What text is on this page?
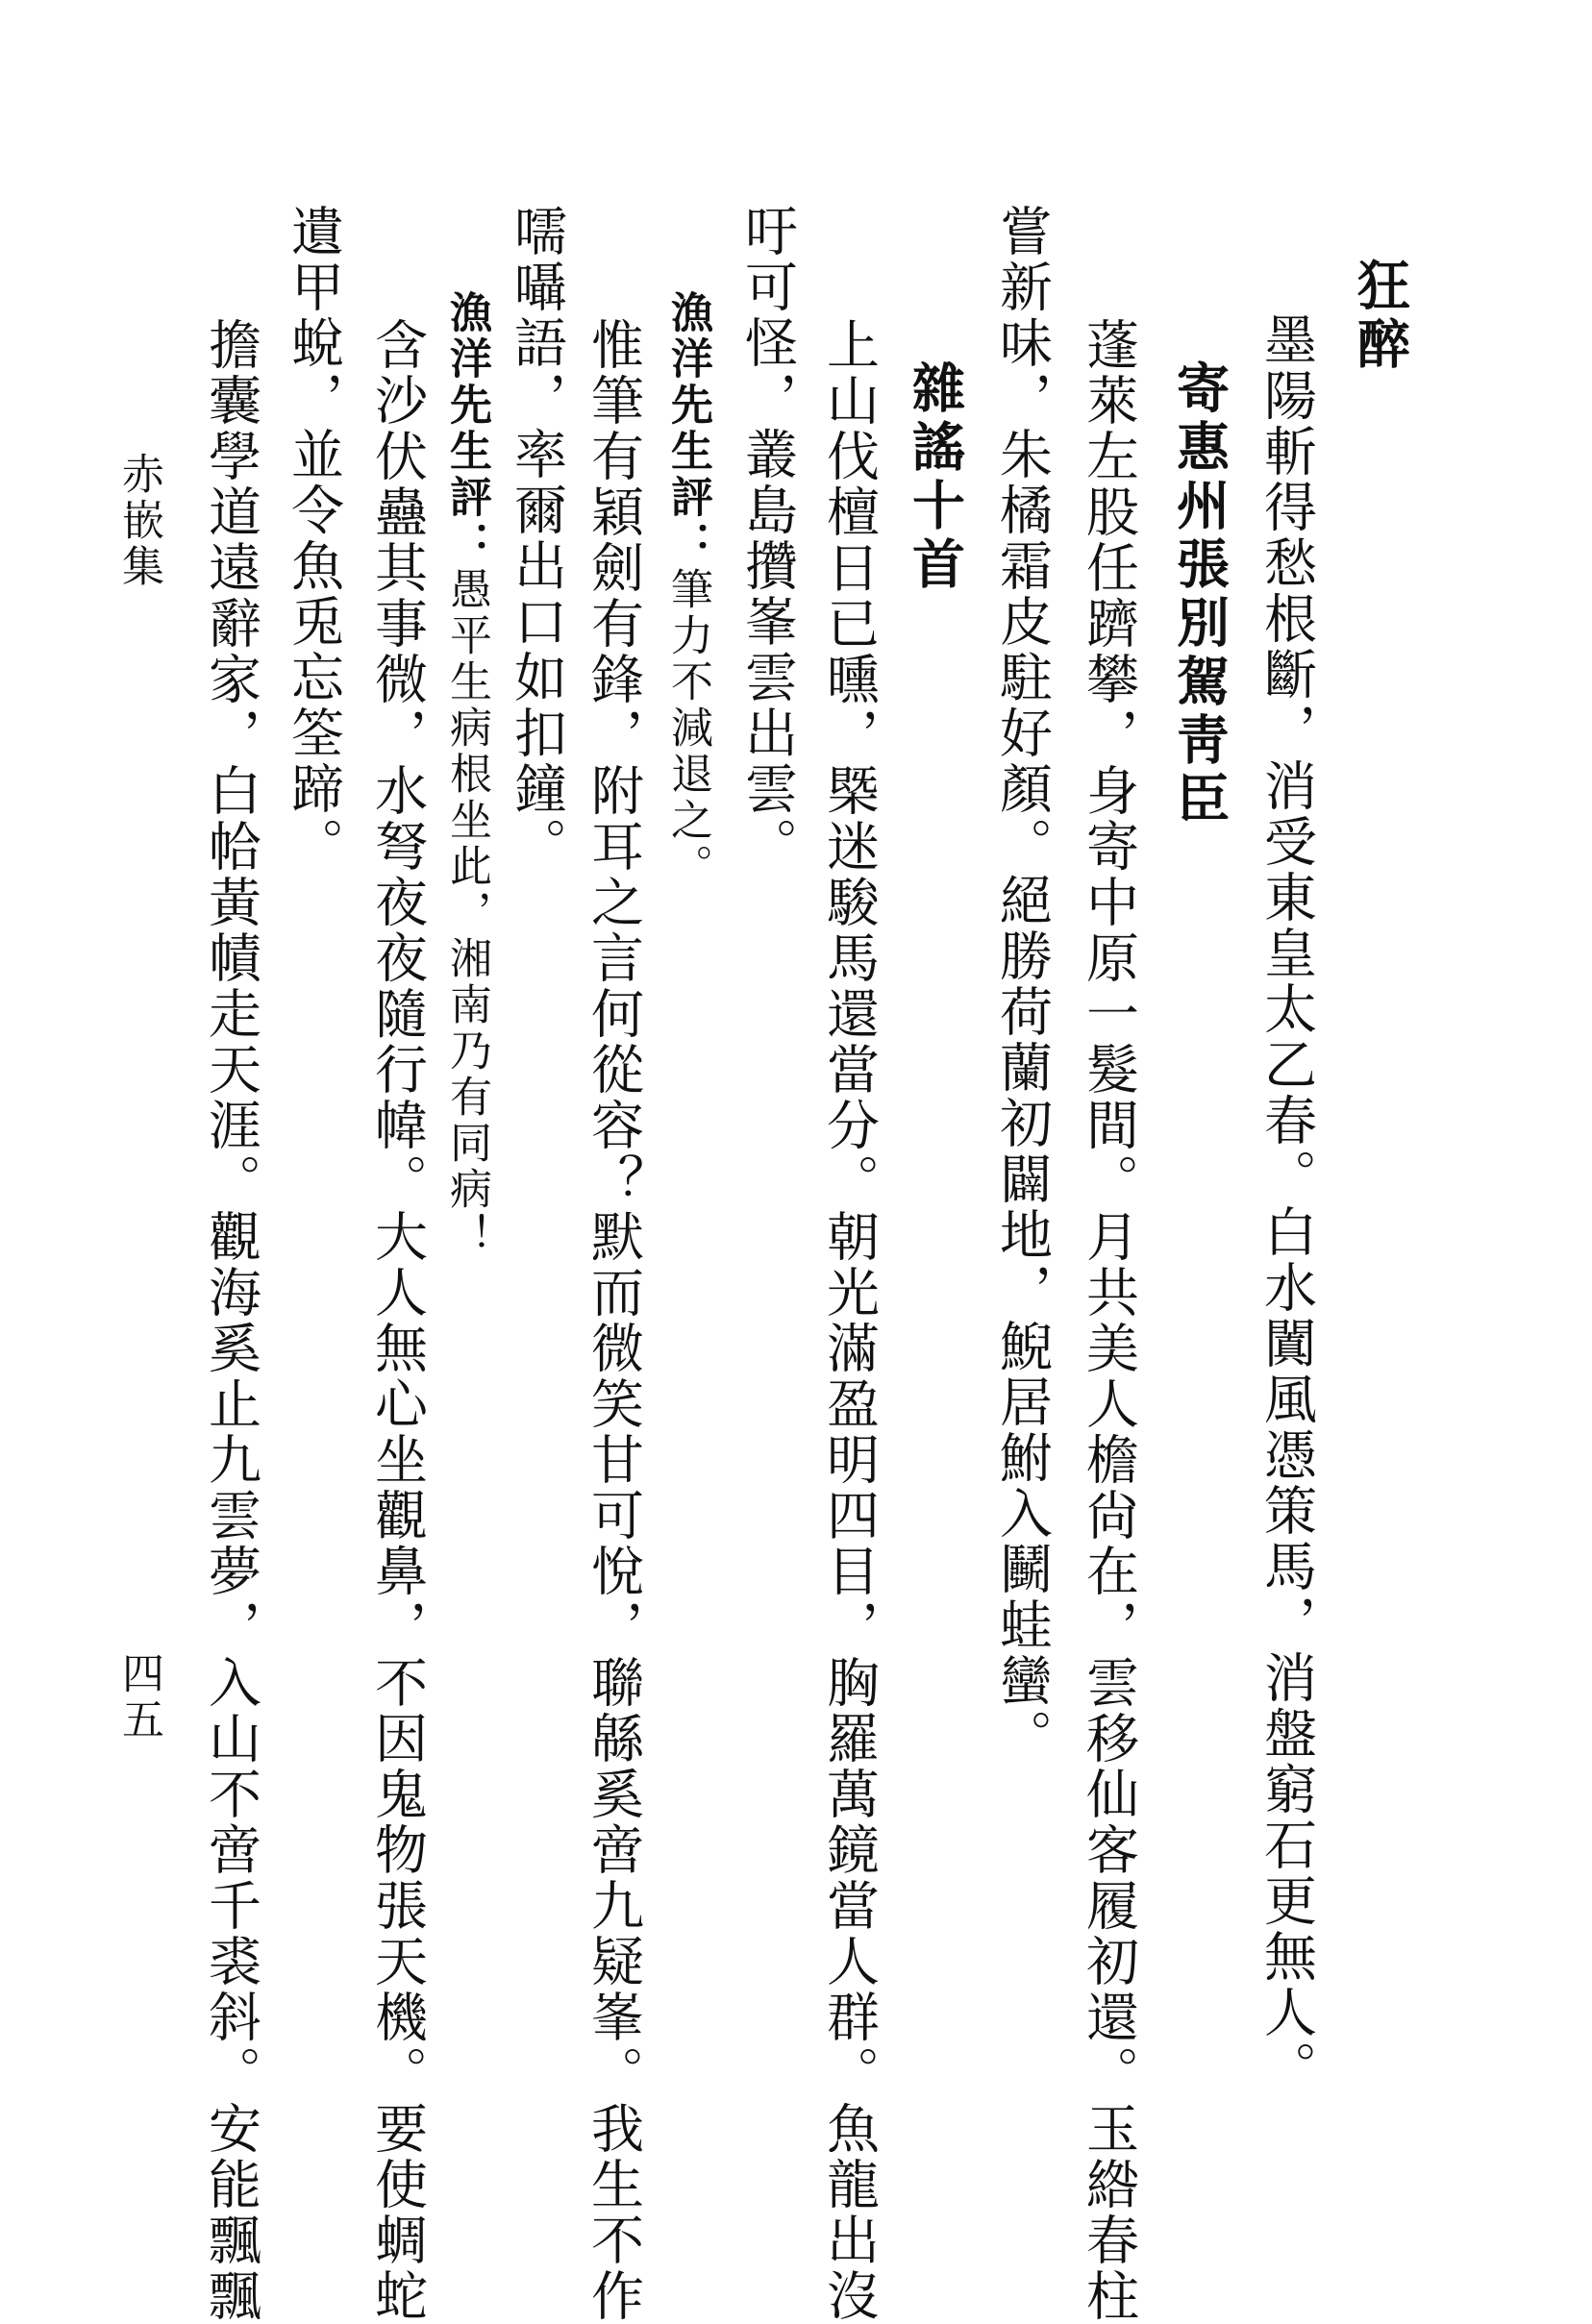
狂醉
墨陽斬得愁根斷，消受東皇太乙春。白水闐風憑策馬，消盤窮石更無人。
寄惠州張別駕靑臣
蓬萊左股任躋攀，身寄中原一髮間。月共美人檐尙在，雲移仙客履初還。玉綹春柱
嘗新味，朱橘霜皮駐好顏。絕勝荷蘭初闢地，鯢居鮒入鬭蛙蠻。
雜謠十首
上山伐檀日已曛，槩迷駿馬還當分。朝光滿盈明四目，胸羅萬鏡當人群。魚龍出沒
吁可怪，叢島攢峯雲出雲。
漁洋先生評：筆力不減退之。
惟筆有穎劍有鋒，附耳之言何從容？默而微笑甘可悅，聯緜奚啻九疑峯。我生不作
嚅囁語，率爾出口如扣鐘。
漁洋先生評：愚平生病根坐此，湘南乃有同病！
含沙伏蠱其事微，水弩夜夜隨行幃。大人無心坐觀鼻，不因鬼物張天機。要使蜩蛇
遺甲蛻，並令魚兎忘筌蹄。
擔囊學道遠辭家，白帢黃幘走天涯。觀海奚止九雲夢，入山不啻千裘斜。安能飄飄
赤嵌集
四五
